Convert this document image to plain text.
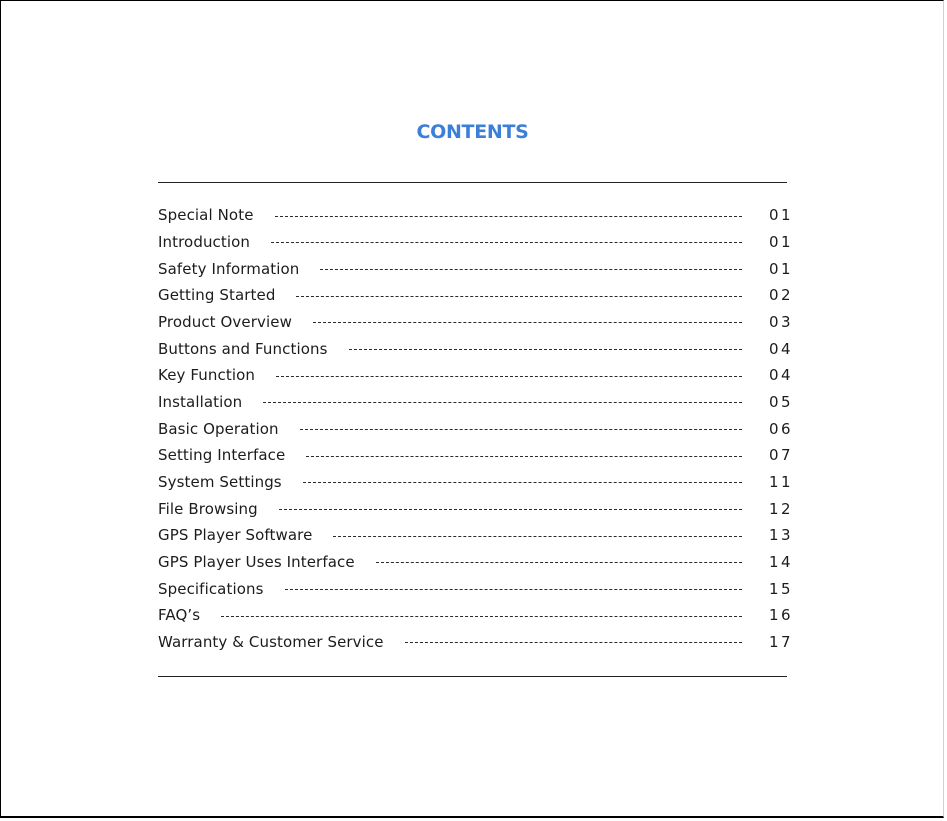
CONTENTS
Special Note	01
Introduction	01
Safety Information	01
Getting Started	02
Product Overview	03
Buttons and Functions	04
Key Function	04
Installation	05
Basic Operation	06
Setting Interface	07
System Settings	11
File Browsing	12
GPS Player Software	13
GPS Player Uses Interface	14
Specifications	15
FAQ’s	16
Warranty & Customer Service	17
